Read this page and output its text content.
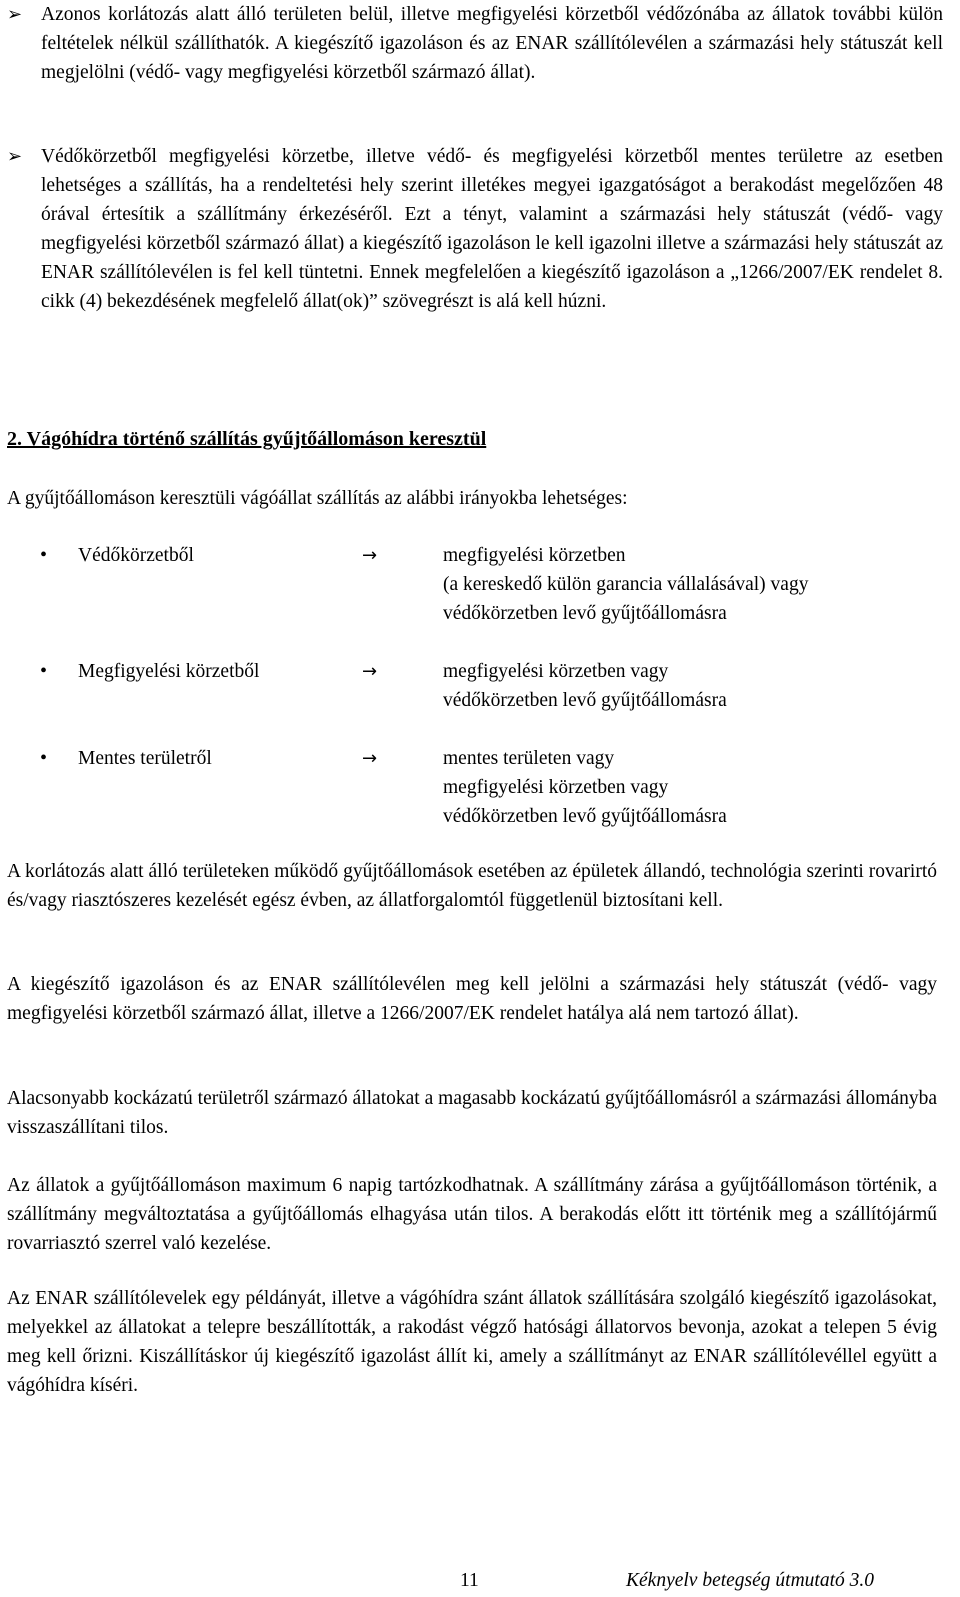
➢ Azonos korlátozás alatt álló területen belül, illetve megfigyelési körzetből védőzónába az állatok további külön feltételek nélkül szállíthatók. A kiegészítő igazoláson és az ENAR szállítólevélen a származási hely státuszát kell megjelölni (védő- vagy megfigyelési körzetből származó állat).

➢ Védőkörzetből megfigyelési körzetbe, illetve védő- és megfigyelési körzetből mentes területre az esetben lehetséges a szállítás, ha a rendeltetési hely szerint illetékes megyei igazgatóságot a berakodást megelőzően 48 órával értesítik a szállítmány érkezéséről. Ezt a tényt, valamint a származási hely státuszát (védő- vagy megfigyelési körzetből származó állat) a kiegészítő igazoláson le kell igazolni illetve a származási hely státuszát az ENAR szállítólevélen is fel kell tüntetni. Ennek megfelelően a kiegészítő igazoláson a „1266/2007/EK rendelet 8. cikk (4) bekezdésének megfelelő állat(ok)” szövegrészt is alá kell húzni.

2. Vágóhídra történő szállítás gyűjtőállomáson keresztül

A gyűjtőállomáson keresztüli vágóállat szállítás az alábbi irányokba lehetséges:

• Védőkörzetből	→	megfigyelési körzetben
(a kereskedő külön garancia vállalásával) vagy
védőkörzetben levő gyűjtőállomásra
• Megfigyelési körzetből	→	megfigyelési körzetben vagy
védőkörzetben levő gyűjtőállomásra
• Mentes területről	→	mentes területen vagy
megfigyelési körzetben vagy
védőkörzetben levő gyűjtőállomásra

A korlátozás alatt álló területeken működő gyűjtőállomások esetében az épületek állandó, technológia szerinti rovarirtó és/vagy riasztószeres kezelését egész évben, az állatforgalomtól függetlenül biztosítani kell.

A kiegészítő igazoláson és az ENAR szállítólevélen meg kell jelölni a származási hely státuszát (védő- vagy megfigyelési körzetből származó állat, illetve a 1266/2007/EK rendelet hatálya alá nem tartozó állat).

Alacsonyabb kockázatú területről származó állatokat a magasabb kockázatú gyűjtőállomásról a származási állományba visszaszállítani tilos.

Az állatok a gyűjtőállomáson maximum 6 napig tartózkodhatnak. A szállítmány zárása a gyűjtőállomáson történik, a szállítmány megváltoztatása a gyűjtőállomás elhagyása után tilos. A berakodás előtt itt történik meg a szállítójármű rovarriasztó szerrel való kezelése.

Az ENAR szállítólevelek egy példányát, illetve a vágóhídra szánt állatok szállítására szolgáló kiegészítő igazolásokat, melyekkel az állatokat a telepre beszállították, a rakodást végző hatósági állatorvos bevonja, azokat a telepen 5 évig meg kell őrizni. Kiszállításkor új kiegészítő igazolást állít ki, amely a szállítmányt az ENAR szállítólevéllel együtt a vágóhídra kíséri.

11	Kéknyelv betegség útmutató 3.0
